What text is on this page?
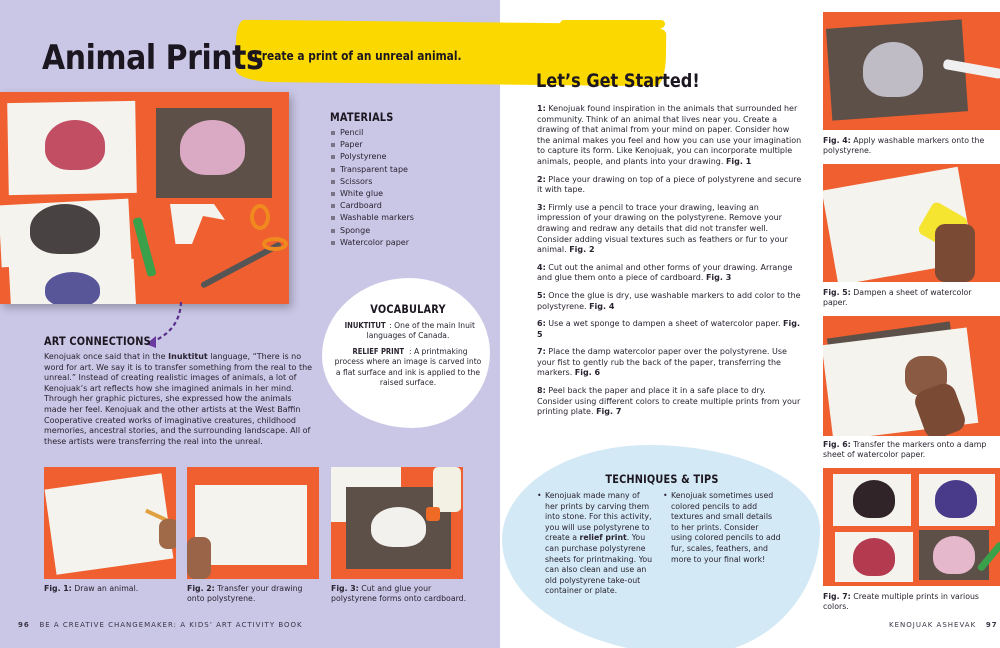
Animal Prints
Create a print of an unreal animal.
MATERIALS
Pencil
Paper
Polystyrene
Transparent tape
Scissors
White glue
Cardboard
Washable markers
Sponge
Watercolor paper
ART CONNECTIONS

Kenojuak once said that in the Inuktitut language, “There is no word for art. We say it is to transfer something from the real to the unreal.” Instead of creating realistic images of animals, a lot of Kenojuak’s art reflects how she imagined animals in her mind. Through her graphic pictures, she expressed how the animals made her feel. Kenojuak and the other artists at the West Baffin Cooperative created works of imaginative creatures, childhood memories, ancestral stories, and the surrounding landscape. All of these artists were transferring the real into the unreal.

VOCABULARY

INUKTITUT : One of the main Inuit languages of Canada.

RELIEF PRINT : A printmaking process where an image is carved into a flat surface and ink is applied to the raised surface.

Fig. 1: Draw an animal.	Fig. 2: Transfer your drawing onto polystyrene.
Fig. 3: Cut and glue your polystyrene forms onto cardboard.
96 BE A CREATIVE CHANGEMAKER: A KIDS’ ART ACTIVITY BOOK
Let’s Get Started!

1: Kenojuak found inspiration in the animals that surrounded her community. Think of an animal that lives near you. Create a drawing of that animal from your mind on paper. Consider how the animal makes you feel and how you can use your imagination to capture its form. Like Kenojuak, you can incorporate multiple animals, people, and plants into your drawing. Fig. 1

2: Place your drawing on top of a piece of polystyrene and secure it with tape.

3: Firmly use a pencil to trace your drawing, leaving an impression of your drawing on the polystyrene. Remove your drawing and redraw any details that did not transfer well. Consider adding visual textures such as feathers or fur to your animal. Fig. 2

4: Cut out the animal and other forms of your drawing. Arrange and glue them onto a piece of cardboard. Fig. 3

5: Once the glue is dry, use washable markers to add color to the polystyrene. Fig. 4

6: Use a wet sponge to dampen a sheet of watercolor paper. Fig. 5

7: Place the damp watercolor paper over the polystyrene. Use your fist to gently rub the back of the paper, transferring the markers. Fig. 6

8: Peel back the paper and place it in a safe place to dry. Consider using different colors to create multiple prints from your printing plate. Fig. 7

TECHNIQUES & TIPS
• Kenojuak made many of her prints by carving them into stone. For this activity, you will use polystyrene to create a relief print. You can purchase polystyrene sheets for printmaking. You can also clean and use an old polystyrene take-out container or plate.
• Kenojuak sometimes used colored pencils to add textures and small details to her prints. Consider using colored pencils to add fur, scales, feathers, and more to your final work!
Fig. 4: Apply washable markers onto the polystyrene.
Fig. 5: Dampen a sheet of watercolor paper.
Fig. 6: Transfer the markers onto a damp sheet of watercolor paper.
Fig. 7: Create multiple prints in various colors.
KENOJUAK ASHEVAK 97
